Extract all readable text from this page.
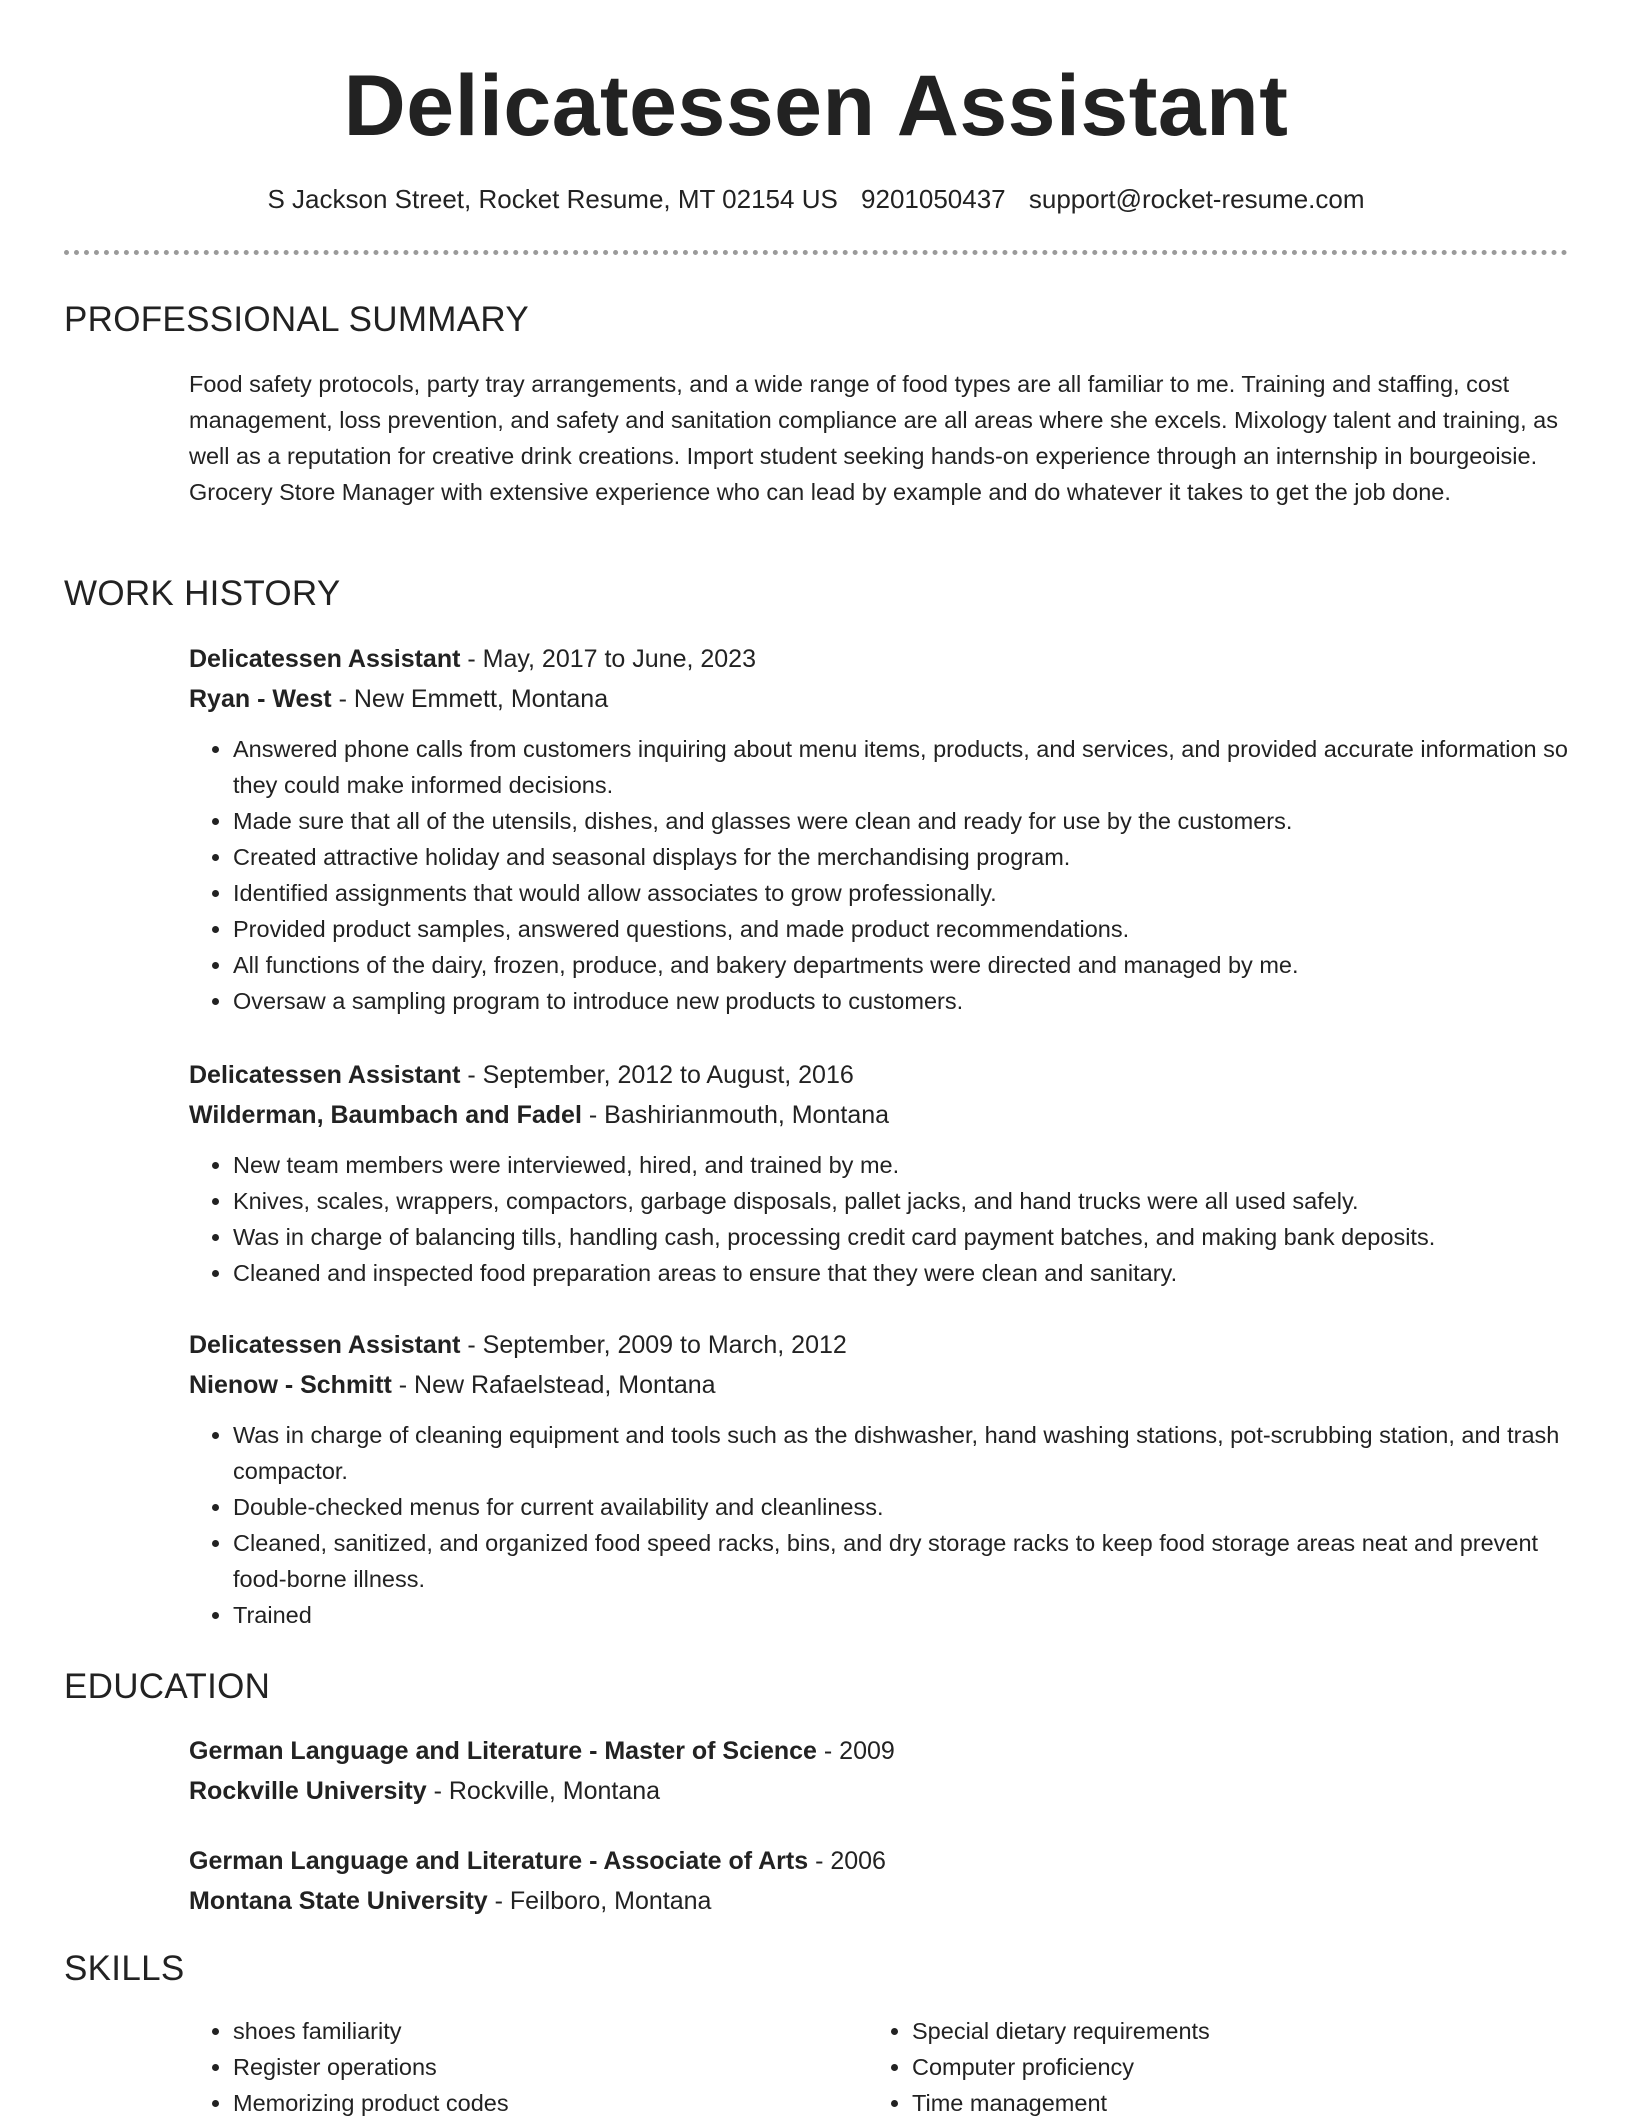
Delicatessen Assistant
S Jackson Street, Rocket Resume, MT 02154 US 9201050437 support@rocket-resume.com
PROFESSIONAL SUMMARY

Food safety protocols, party tray arrangements, and a wide range of food types are all familiar to me. Training and staffing, cost management, loss prevention, and safety and sanitation compliance are all areas where she excels. Mixology talent and training, as well as a reputation for creative drink creations. Import student seeking hands-on experience through an internship in bourgeoisie. Grocery Store Manager with extensive experience who can lead by example and do whatever it takes to get the job done.

WORK HISTORY

Delicatessen Assistant - May, 2017 to June, 2023

Ryan - West - New Emmett, Montana

• Answered phone calls from customers inquiring about menu items, products, and services, and provided accurate information so they could make informed decisions.
• Made sure that all of the utensils, dishes, and glasses were clean and ready for use by the customers.
• Created attractive holiday and seasonal displays for the merchandising program.
• Identified assignments that would allow associates to grow professionally.
• Provided product samples, answered questions, and made product recommendations.
• All functions of the dairy, frozen, produce, and bakery departments were directed and managed by me.
• Oversaw a sampling program to introduce new products to customers.

Delicatessen Assistant - September, 2012 to August, 2016

Wilderman, Baumbach and Fadel - Bashirianmouth, Montana

• New team members were interviewed, hired, and trained by me.
• Knives, scales, wrappers, compactors, garbage disposals, pallet jacks, and hand trucks were all used safely.
• Was in charge of balancing tills, handling cash, processing credit card payment batches, and making bank deposits.
• Cleaned and inspected food preparation areas to ensure that they were clean and sanitary.

Delicatessen Assistant - September, 2009 to March, 2012

Nienow - Schmitt - New Rafaelstead, Montana

• Was in charge of cleaning equipment and tools such as the dishwasher, hand washing stations, pot-scrubbing station, and trash compactor.
• Double-checked menus for current availability and cleanliness.
• Cleaned, sanitized, and organized food speed racks, bins, and dry storage racks to keep food storage areas neat and prevent food-borne illness.
• Trained
EDUCATION

German Language and Literature - Master of Science - 2009

Rockville University - Rockville, Montana

German Language and Literature - Associate of Arts - 2006

Montana State University - Feilboro, Montana

SKILLS
• shoes familiarity
• Register operations
• Memorizing product codes
• Special dietary requirements
• Computer proficiency
• Time management
